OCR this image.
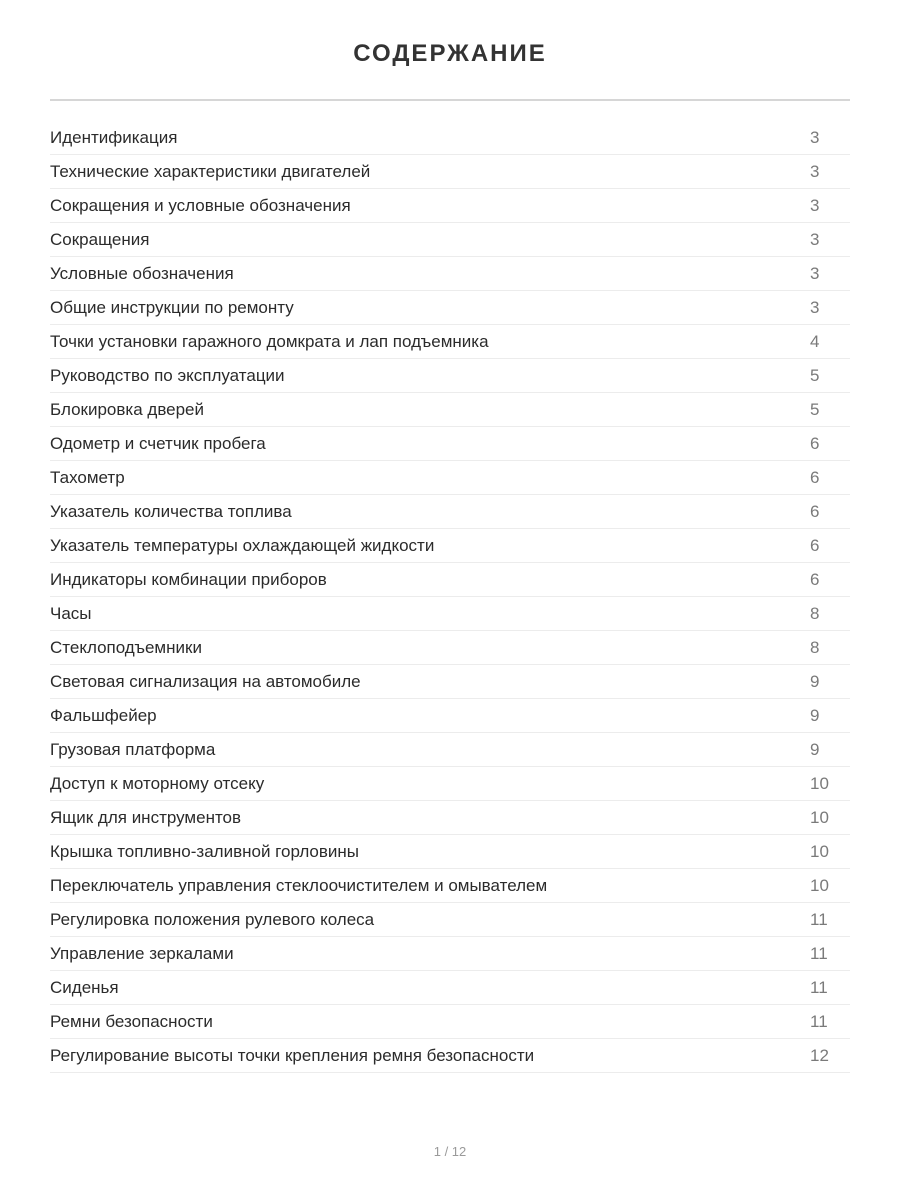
СОДЕРЖАНИЕ
Идентификация	3
Технические характеристики двигателей	3
Сокращения и условные обозначения	3
Сокращения	3
Условные обозначения	3
Общие инструкции по ремонту	3
Точки установки гаражного домкрата и лап подъемника	4
Руководство по эксплуатации	5
Блокировка дверей	5
Одометр и счетчик пробега	6
Тахометр	6
Указатель количества топлива	6
Указатель температуры охлаждающей жидкости	6
Индикаторы комбинации приборов	6
Часы	8
Стеклоподъемники	8
Световая сигнализация на автомобиле	9
Фальшфейер	9
Грузовая платформа	9
Доступ к моторному отсеку	10
Ящик для инструментов	10
Крышка топливно-заливной горловины	10
Переключатель управления стеклоочистителем и омывателем	10
Регулировка положения рулевого колеса	11
Управление зеркалами	11
Сиденья	11
Ремни безопасности	11
Регулирование высоты точки крепления ремня безопасности	12
1 / 12
